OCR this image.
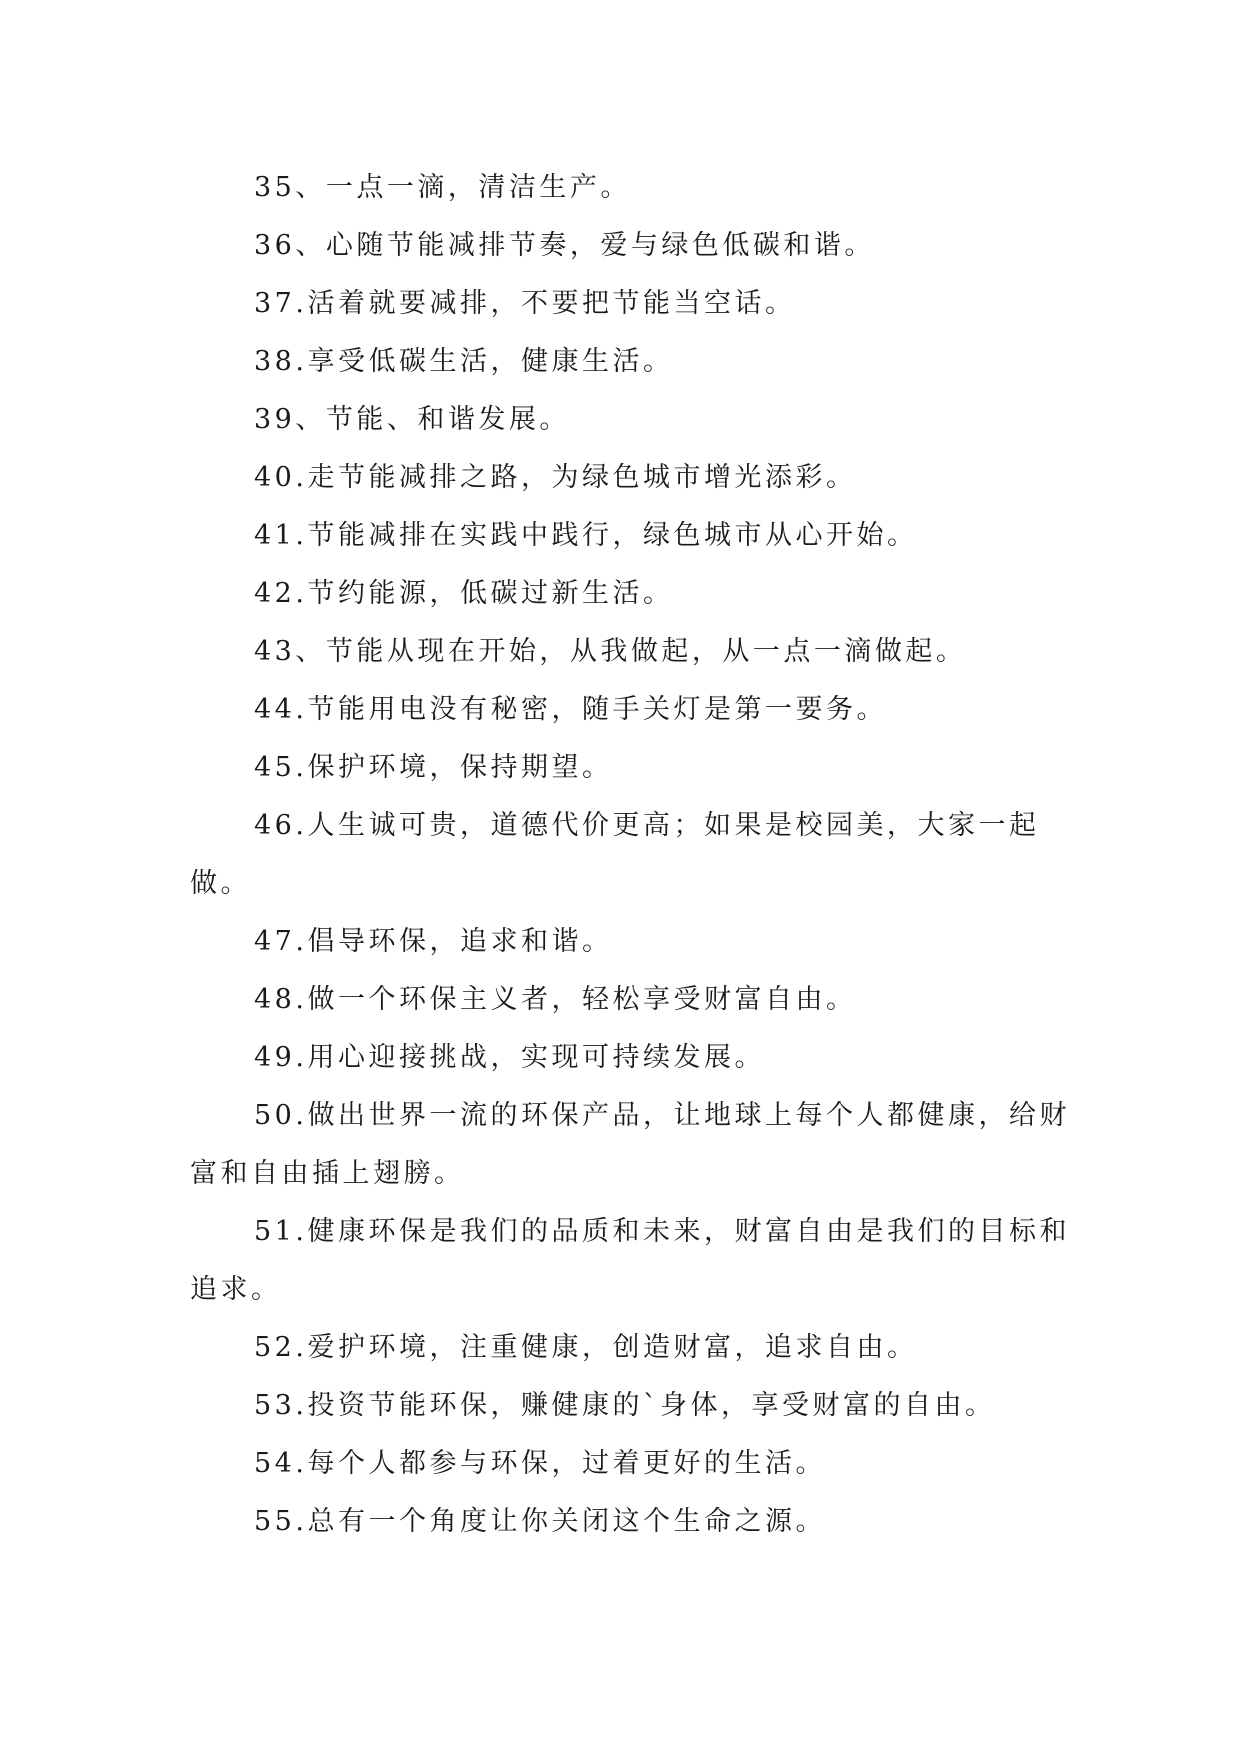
35、一点一滴，清洁生产。

36、心随节能减排节奏，爱与绿色低碳和谐。

37.活着就要减排，不要把节能当空话。

38.享受低碳生活，健康生活。

39、节能、和谐发展。

40.走节能减排之路，为绿色城市增光添彩。

41.节能减排在实践中践行，绿色城市从心开始。

42.节约能源，低碳过新生活。

43、节能从现在开始，从我做起，从一点一滴做起。

44.节能用电没有秘密，随手关灯是第一要务。

45.保护环境，保持期望。

46.人生诚可贵，道德代价更高；如果是校园美，大家一起做。

47.倡导环保，追求和谐。

48.做一个环保主义者，轻松享受财富自由。

49.用心迎接挑战，实现可持续发展。

50.做出世界一流的环保产品，让地球上每个人都健康，给财富和自由插上翅膀。

51.健康环保是我们的品质和未来，财富自由是我们的目标和追求。

52.爱护环境，注重健康，创造财富，追求自由。

53.投资节能环保，赚健康的`身体，享受财富的自由。

54.每个人都参与环保，过着更好的生活。

55.总有一个角度让你关闭这个生命之源。
